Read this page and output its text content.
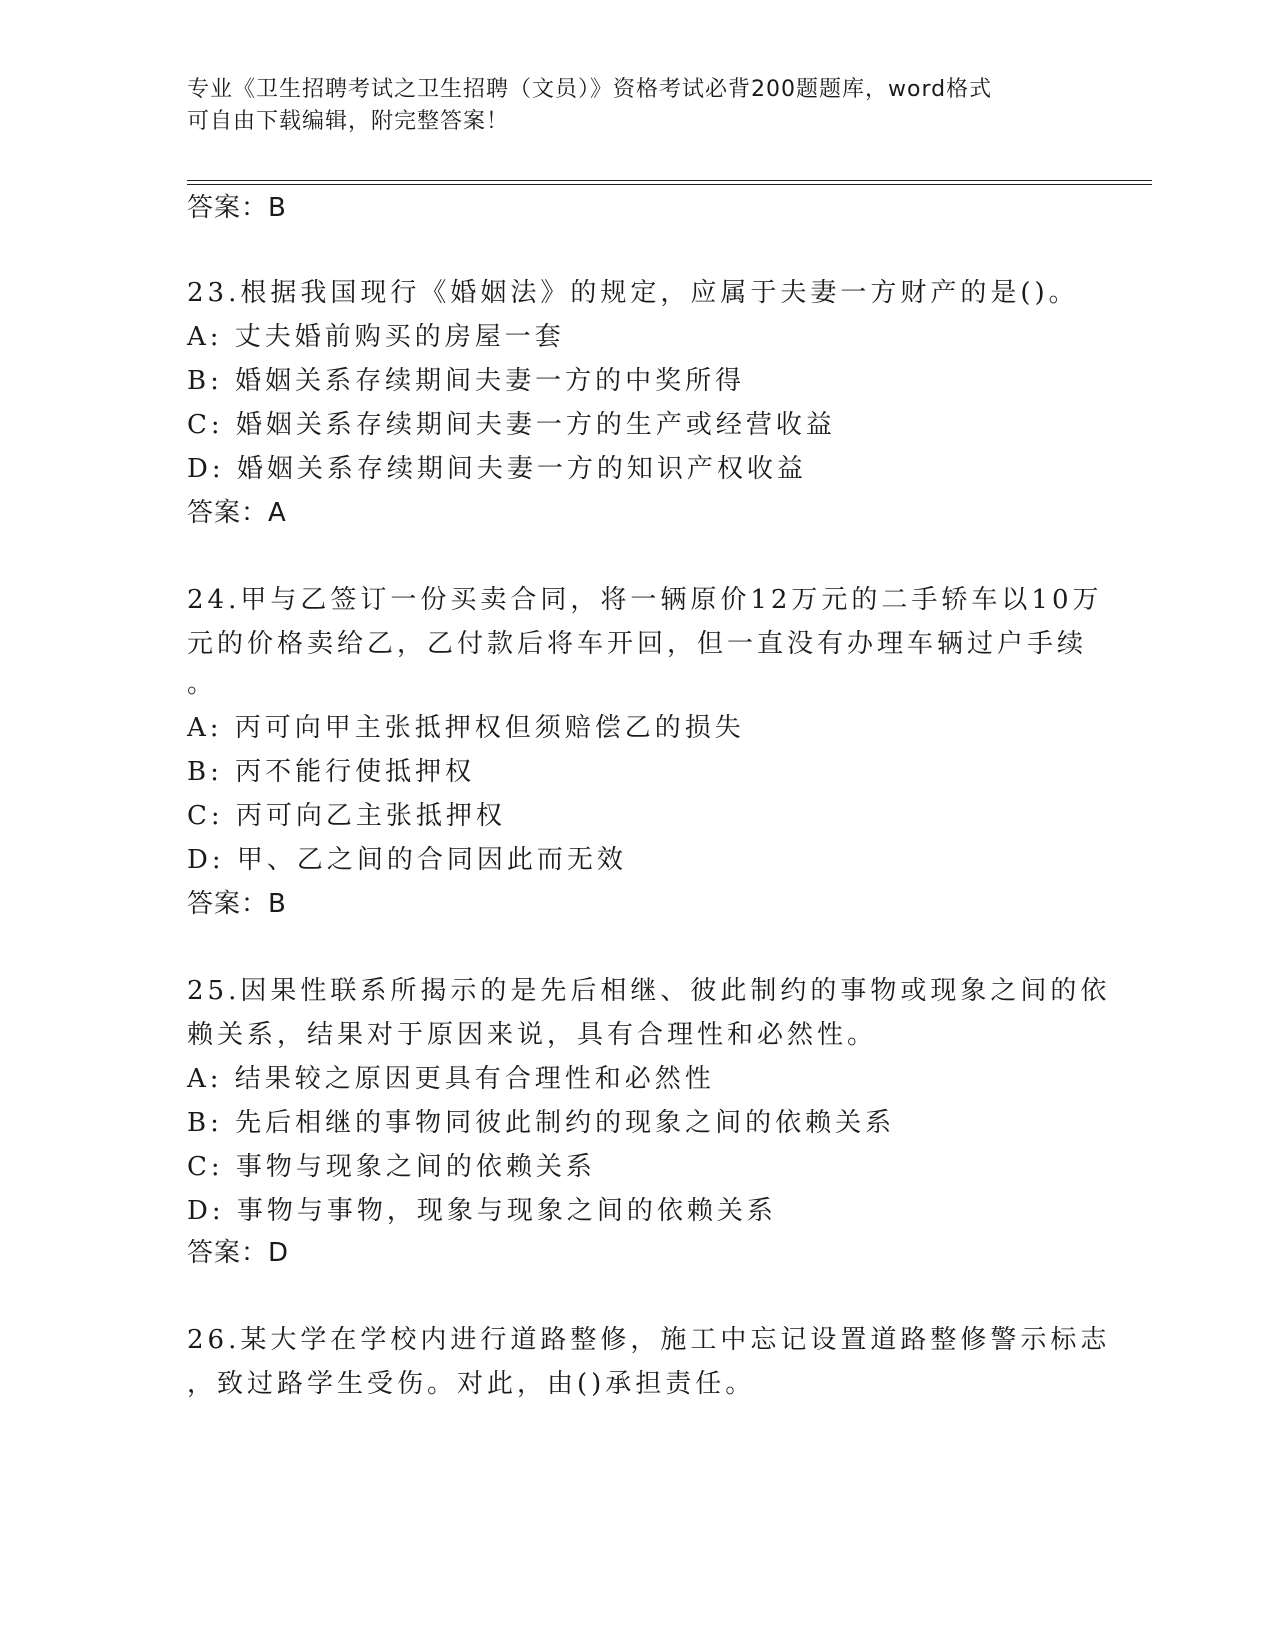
专业《卫生招聘考试之卫生招聘（文员）》资格考试必背200题题库，word格式
可自由下载编辑，附完整答案！
答案：B
23.根据我国现行《婚姻法》的规定，应属于夫妻一方财产的是()。
A: 丈夫婚前购买的房屋一套
B: 婚姻关系存续期间夫妻一方的中奖所得
C: 婚姻关系存续期间夫妻一方的生产或经营收益
D: 婚姻关系存续期间夫妻一方的知识产权收益
答案：A
24.甲与乙签订一份买卖合同，将一辆原价12万元的二手轿车以10万
元的价格卖给乙，乙付款后将车开回，但一直没有办理车辆过户手续
。
A: 丙可向甲主张抵押权但须赔偿乙的损失
B: 丙不能行使抵押权
C: 丙可向乙主张抵押权
D: 甲、乙之间的合同因此而无效
答案：B
25.因果性联系所揭示的是先后相继、彼此制约的事物或现象之间的依
赖关系，结果对于原因来说，具有合理性和必然性。
A: 结果较之原因更具有合理性和必然性
B: 先后相继的事物同彼此制约的现象之间的依赖关系
C: 事物与现象之间的依赖关系
D: 事物与事物，现象与现象之间的依赖关系
答案：D
26.某大学在学校内进行道路整修，施工中忘记设置道路整修警示标志
，致过路学生受伤。对此，由()承担责任。
